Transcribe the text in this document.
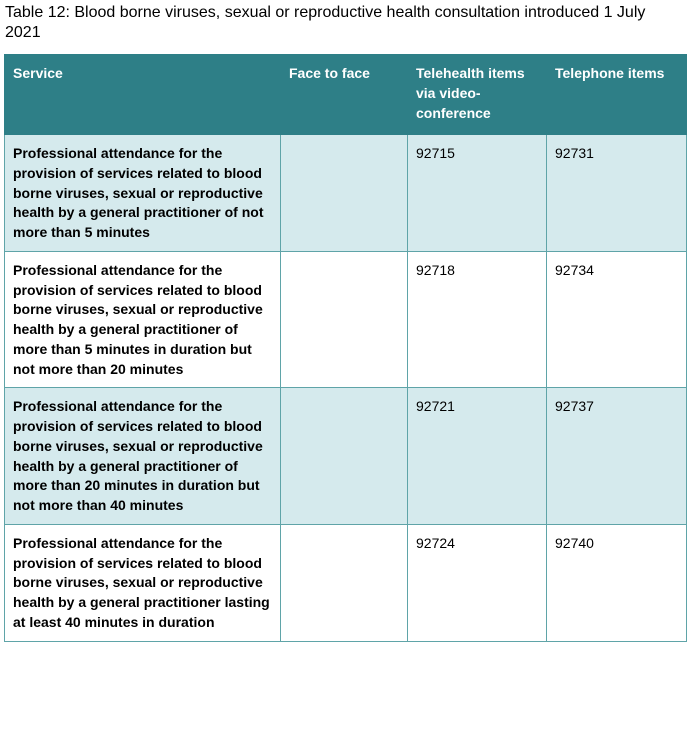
Table 12: Blood borne viruses, sexual or reproductive health consultation introduced 1 July 2021
Service	Face to face	Telehealth items via video-conference	Telephone items
Professional attendance for the provision of services related to blood borne viruses, sexual or reproductive health by a general practitioner of not more than 5 minutes		92715	92731
Professional attendance for the provision of services related to blood borne viruses, sexual or reproductive health by a general practitioner of more than 5 minutes in duration but not more than 20 minutes		92718	92734
Professional attendance for the provision of services related to blood borne viruses, sexual or reproductive health by a general practitioner of more than 20 minutes in duration but not more than 40 minutes		92721	92737
Professional attendance for the provision of services related to blood borne viruses, sexual or reproductive health by a general practitioner lasting at least 40 minutes in duration		92724	92740
